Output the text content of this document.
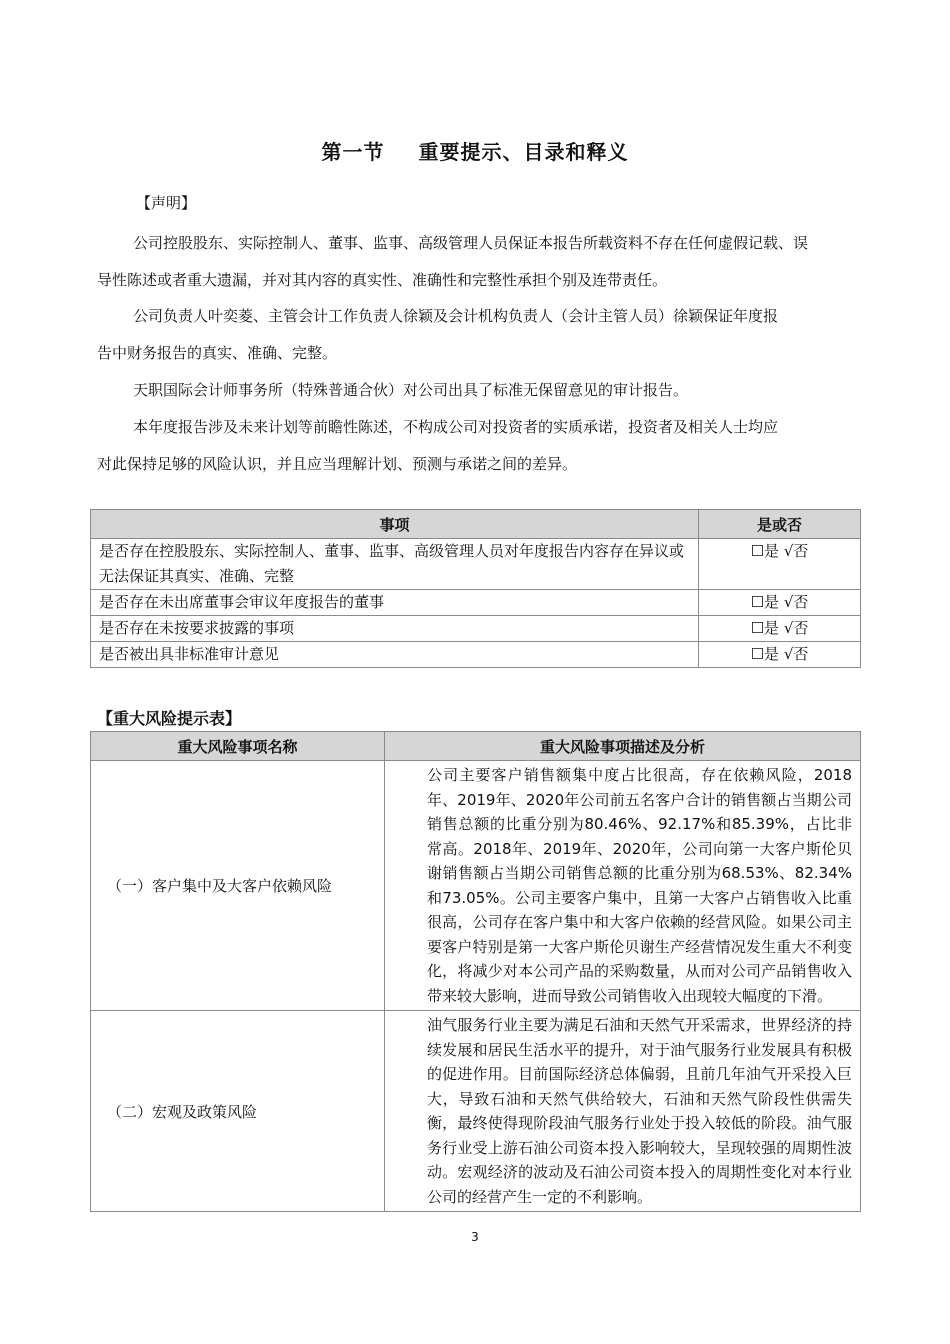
第一节 重要提示、目录和释义
【声明】
公司控股股东、实际控制人、董事、监事、高级管理人员保证本报告所载资料不存在任何虚假记载、误
导性陈述或者重大遗漏，并对其内容的真实性、准确性和完整性承担个别及连带责任。
公司负责人叶奕菱、主管会计工作负责人徐颖及会计机构负责人（会计主管人员）徐颖保证年度报
告中财务报告的真实、准确、完整。
天职国际会计师事务所（特殊普通合伙）对公司出具了标准无保留意见的审计报告。
本年度报告涉及未来计划等前瞻性陈述，不构成公司对投资者的实质承诺，投资者及相关人士均应
对此保持足够的风险认识，并且应当理解计划、预测与承诺之间的差异。
事项	是或否
是否存在控股股东、实际控制人、董事、监事、高级管理人员对年度报告内容存在异议或无法保证其真实、准确、完整	☐是 √否
是否存在未出席董事会审议年度报告的董事	☐是 √否
是否存在未按要求披露的事项	☐是 √否
是否被出具非标准审计意见	☐是 √否
【重大风险提示表】
重大风险事项名称	重大风险事项描述及分析
（一）客户集中及大客户依赖风险	公司主要客户销售额集中度占比很高，存在依赖风险，2018年、2019年、2020年公司前五名客户合计的销售额占当期公司销售总额的比重分别为80.46%、92.17%和85.39%，占比非常高。2018年、2019年、2020年，公司向第一大客户斯伦贝谢销售额占当期公司销售总额的比重分别为68.53%、82.34%和73.05%。公司主要客户集中，且第一大客户占销售收入比重很高，公司存在客户集中和大客户依赖的经营风险。如果公司主要客户特别是第一大客户斯伦贝谢生产经营情况发生重大不利变化，将减少对本公司产品的采购数量，从而对公司产品销售收入带来较大影响，进而导致公司销售收入出现较大幅度的下滑。

（二）宏观及政策风险	油气服务行业主要为满足石油和天然气开采需求，世界经济的持续发展和居民生活水平的提升，对于油气服务行业发展具有积极的促进作用。目前国际经济总体偏弱，且前几年油气开采投入巨大，导致石油和天然气供给较大，石油和天然气阶段性供需失衡，最终使得现阶段油气服务行业处于投入较低的阶段。油气服务行业受上游石油公司资本投入影响较大，呈现较强的周期性波动。宏观经济的波动及石油公司资本投入的周期性变化对本行业公司的经营产生一定的不利影响。
3
